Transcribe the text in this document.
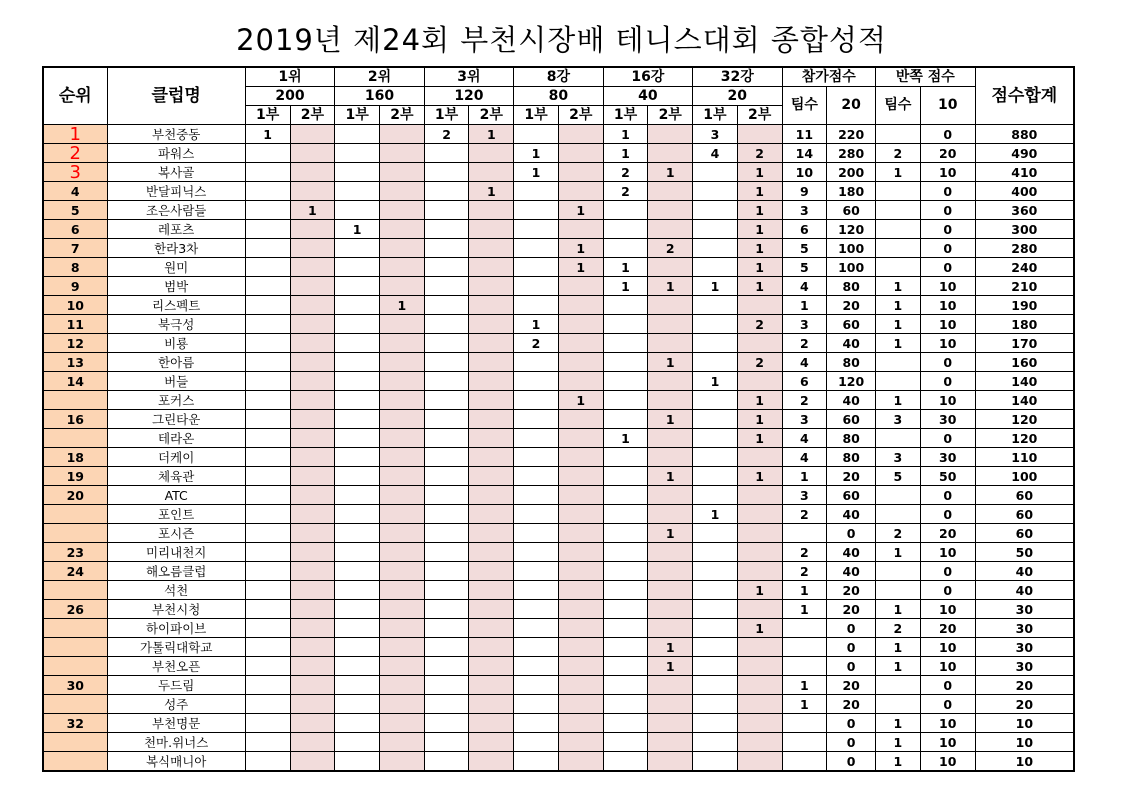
2019년 제24회 부천시장배 테니스대회 종합성적
순위	클럽명	1위		2위		3위		8강		16강		32강		참가점수		반쪽 점수		점수합계
		200		160		120		80		40		20		팀수	20	팀수	10	
		1부	2부	1부	2부	1부	2부	1부	2부	1부	2부	1부	2부					
1	부천중동	1				2	1			1		3		11	220		0	880
2	파워스							1		1		4	2	14	280	2	20	490
3	복사골							1		2	1		1	10	200	1	10	410
4	반달피닉스						1			2			1	9	180		0	400
5	조은사람들		1						1				1	3	60		0	360
6	레포츠			1									1	6	120		0	300
7	한라3차								1		2		1	5	100		0	280
8	원미								1	1			1	5	100		0	240
9	범박									1	1	1	1	4	80	1	10	210
10	리스펙트				1									1	20	1	10	190
11	북극성							1					2	3	60	1	10	180
12	비룡							2						2	40	1	10	170
13	한아름										1		2	4	80		0	160
14	버들											1		6	120		0	140
	포커스								1				1	2	40	1	10	140
16	그린타운										1		1	3	60	3	30	120
	테라온									1			1	4	80		0	120
18	더케이													4	80	3	30	110
19	체육관										1		1	1	20	5	50	100
20	ATC													3	60		0	60
	포인트											1		2	40		0	60
	포시즌										1				0	2	20	60
23	미리내천지													2	40	1	10	50
24	해오름클럽													2	40		0	40
	석천												1	1	20		0	40
26	부천시청													1	20	1	10	30
	하이파이브												1		0	2	20	30
	가톨릭대학교										1				0	1	10	30
	부천오픈										1				0	1	10	30
30	두드림													1	20		0	20
	성주													1	20		0	20
32	부천명문														0	1	10	10
	천마.위너스														0	1	10	10
	복식매니아														0	1	10	10
